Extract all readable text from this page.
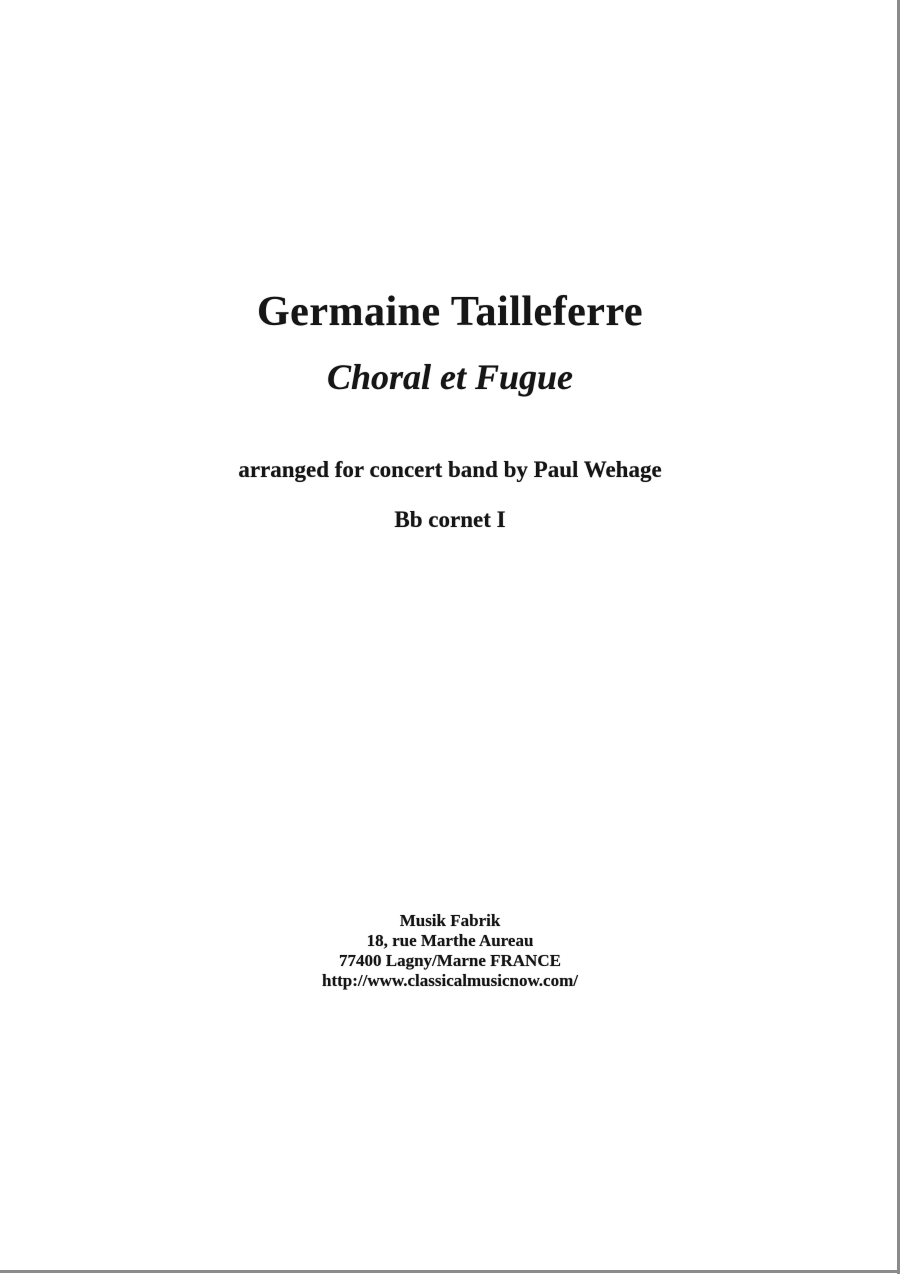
Germaine Tailleferre
Choral et Fugue
arranged for concert band by Paul Wehage
Bb cornet I
Musik Fabrik
18, rue Marthe Aureau
77400 Lagny/Marne FRANCE
http://www.classicalmusicnow.com/
